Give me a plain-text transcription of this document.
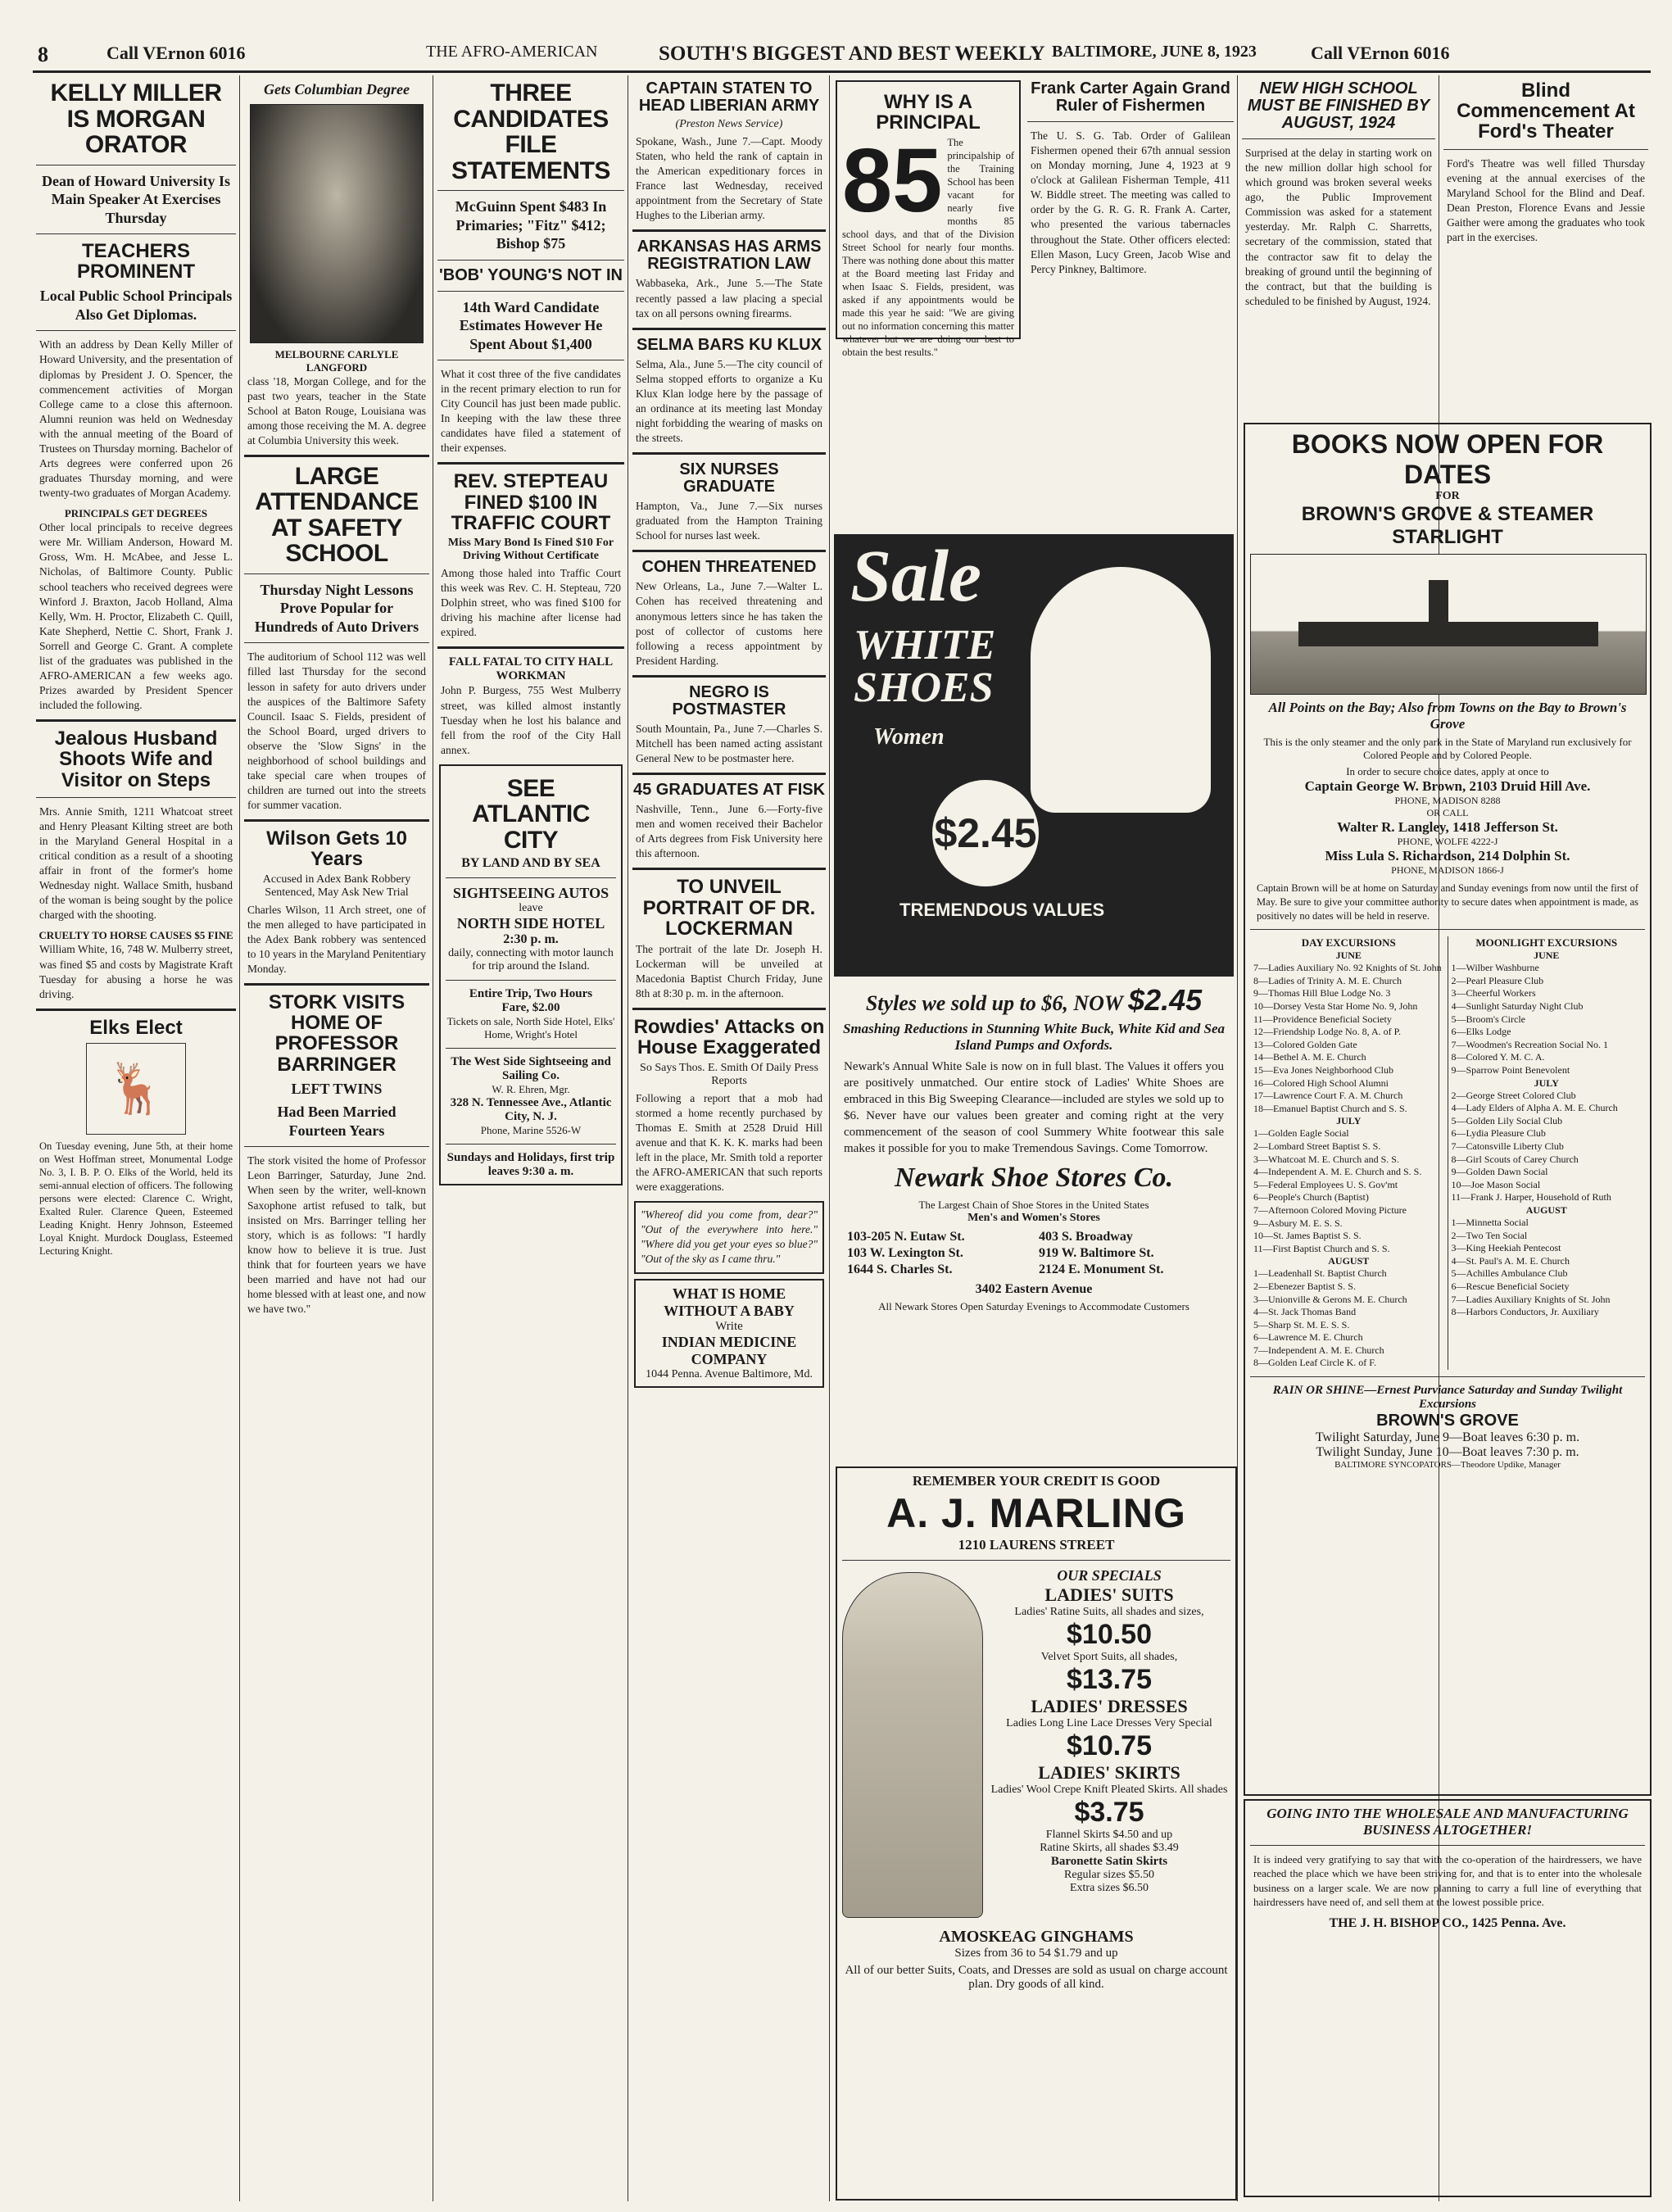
8	Call VErnon 6016	THE AFRO-AMERICAN	SOUTH'S BIGGEST AND BEST WEEKLY BALTIMORE, JUNE 8, 1923	Call VErnon 6016
KELLY MILLER IS MORGAN ORATOR
Dean of Howard University Is Main Speaker At Exercises Thursday
TEACHERS PROMINENT
Local Public School Principals Also Get Diplomas.

With an address by Dean Kelly Miller of Howard University, and the presentation of diplomas by President J. O. Spencer, the commencement activities of Morgan College came to a close this afternoon. Alumni reunion was held on Wednesday with the annual meeting of the Board of Trustees on Thursday morning. Bachelor of Arts degrees were conferred upon 26 graduates Thursday morning, and were twenty-two graduates of Morgan Academy.

PRINCIPALS GET DEGREES

Other local principals to receive degrees were Mr. William Anderson, Howard M. Gross, Wm. H. McAbee, and Jesse L. Nicholas, of Baltimore County. Public school teachers who received degrees were Winford J. Braxton, Jacob Holland, Alma Kelly, Wm. H. Proctor, Elizabeth C. Quill, Kate Shepherd, Nettie C. Short, Frank J. Sorrell and George C. Grant. A complete list of the graduates was published in the AFRO-AMERICAN a few weeks ago. Prizes awarded by President Spencer included the following.

Jealous Husband Shoots Wife and Visitor on Steps

Mrs. Annie Smith, 1211 Whatcoat street and Henry Pleasant Kilting street are both in the Maryland General Hospital in a critical condition as a result of a shooting affair in front of the former's home Wednesday night. Wallace Smith, husband of the woman is being sought by the police charged with the shooting.

CRUELTY TO HORSE CAUSES $5 FINE

William White, 16, 748 W. Mulberry street, was fined $5 and costs by Magistrate Kraft Tuesday for abusing a horse he was driving.

Elks Elect
🦌

On Tuesday evening, June 5th, at their home on West Hoffman street, Monumental Lodge No. 3, I. B. P. O. Elks of the World, held its semi-annual election of officers. The following persons were elected: Clarence C. Wright, Exalted Ruler. Clarence Queen, Esteemed Leading Knight. Henry Johnson, Esteemed Loyal Knight. Murdock Douglass, Esteemed Lecturing Knight.

Gets Columbian Degree
MELBOURNE CARLYLE LANGFORD

class '18, Morgan College, and for the past two years, teacher in the State School at Baton Rouge, Louisiana was among those receiving the M. A. degree at Columbia University this week.

LARGE ATTENDANCE AT SAFETY SCHOOL
Thursday Night Lessons Prove Popular for Hundreds of Auto Drivers

The auditorium of School 112 was well filled last Thursday for the second lesson in safety for auto drivers under the auspices of the Baltimore Safety Council. Isaac S. Fields, president of the School Board, urged drivers to observe the 'Slow Signs' in the neighborhood of school buildings and take special care when troupes of children are turned out into the streets for summer vacation.

Wilson Gets 10 Years
Accused in Adex Bank Robbery Sentenced, May Ask New Trial

Charles Wilson, 11 Arch street, one of the men alleged to have participated in the Adex Bank robbery was sentenced to 10 years in the Maryland Penitentiary Monday.

STORK VISITS HOME OF PROFESSOR BARRINGER
LEFT TWINS
Had Been Married Fourteen Years

The stork visited the home of Professor Leon Barringer, Saturday, June 2nd. When seen by the writer, well-known Saxophone artist refused to talk, but insisted on Mrs. Barringer telling her story, which is as follows: "I hardly know how to believe it is true. Just think that for fourteen years we have been married and have not had our home blessed with at least one, and now we have two."

THREE CANDIDATES FILE STATEMENTS
McGuinn Spent $483 In Primaries; "Fitz" $412; Bishop $75
'BOB' YOUNG'S NOT IN
14th Ward Candidate Estimates However He Spent About $1,400

What it cost three of the five candidates in the recent primary election to run for City Council has just been made public. In keeping with the law these three candidates have filed a statement of their expenses.

REV. STEPTEAU FINED $100 IN TRAFFIC COURT
Miss Mary Bond Is Fined $10 For Driving Without Certificate

Among those haled into Traffic Court this week was Rev. C. H. Stepteau, 720 Dolphin street, who was fined $100 for driving his machine after license had expired.

FALL FATAL TO CITY HALL WORKMAN

John P. Burgess, 755 West Mulberry street, was killed almost instantly Tuesday when he lost his balance and fell from the roof of the City Hall annex.

SEE ATLANTIC CITY
BY LAND AND BY SEA
SIGHTSEEING AUTOS
leave
NORTH SIDE HOTEL
2:30 p. m.
daily, connecting with motor launch for trip around the Island.
Entire Trip, Two Hours
Fare, $2.00
Tickets on sale, North Side Hotel, Elks' Home, Wright's Hotel
The West Side Sightseeing and Sailing Co.
W. R. Ehren, Mgr.
328 N. Tennessee Ave., Atlantic City, N. J.
Phone, Marine 5526-W
Sundays and Holidays, first trip leaves 9:30 a. m.
CAPTAIN STATEN TO HEAD LIBERIAN ARMY
(Preston News Service)

Spokane, Wash., June 7.—Capt. Moody Staten, who held the rank of captain in the American expeditionary forces in France last Wednesday, received appointment from the Secretary of State Hughes to the Liberian army.

ARKANSAS HAS ARMS REGISTRATION LAW

Wabbaseka, Ark., June 5.—The State recently passed a law placing a special tax on all persons owning firearms.

SELMA BARS KU KLUX

Selma, Ala., June 5.—The city council of Selma stopped efforts to organize a Ku Klux Klan lodge here by the passage of an ordinance at its meeting last Monday night forbidding the wearing of masks on the streets.

SIX NURSES GRADUATE

Hampton, Va., June 7.—Six nurses graduated from the Hampton Training School for nurses last week.

COHEN THREATENED

New Orleans, La., June 7.—Walter L. Cohen has received threatening and anonymous letters since he has taken the post of collector of customs here following a recess appointment by President Harding.

NEGRO IS POSTMASTER

South Mountain, Pa., June 7.—Charles S. Mitchell has been named acting assistant General New to be postmaster here.

45 GRADUATES AT FISK

Nashville, Tenn., June 6.—Forty-five men and women received their Bachelor of Arts degrees from Fisk University here this afternoon.

TO UNVEIL PORTRAIT OF DR. LOCKERMAN

The portrait of the late Dr. Joseph H. Lockerman will be unveiled at Macedonia Baptist Church Friday, June 8th at 8:30 p. m. in the afternoon.

Rowdies' Attacks on House Exaggerated
So Says Thos. E. Smith Of Daily Press Reports

Following a report that a mob had stormed a home recently purchased by Thomas E. Smith at 2528 Druid Hill avenue and that K. K. K. marks had been left in the place, Mr. Smith told a reporter the AFRO-AMERICAN that such reports were exaggerations.

"Whereof did you come from, dear?" "Out of the everywhere into here." "Where did you get your eyes so blue?" "Out of the sky as I came thru."

WHAT IS HOME WITHOUT A BABY
Write
INDIAN MEDICINE COMPANY
1044 Penna. Avenue Baltimore, Md.
WHY IS A PRINCIPAL
85 The principalship of the Training School has been vacant for nearly five months 85 school days, and that of the Division Street School for nearly four months. There was nothing done about this matter at the Board meeting last Friday and when Isaac S. Fields, president, was asked if any appointments would be made this year he said: "We are giving out no information concerning this matter whatever but we are doing our best to obtain the best results."

Frank Carter Again Grand Ruler of Fishermen

The U. S. G. Tab. Order of Galilean Fishermen opened their 67th annual session on Monday morning, June 4, 1923 at 9 o'clock at Galilean Fisherman Temple, 411 W. Biddle street. The meeting was called to order by the G. R. G. R. Frank A. Carter, who presented the various tabernacles throughout the State. Other officers elected: Ellen Mason, Lucy Green, Jacob Wise and Percy Pinkney, Baltimore.

Sale
WHITE SHOES
Women
$2.45
TREMENDOUS VALUES
Styles we sold up to $6, NOW $2.45
Smashing Reductions in Stunning White Buck, White Kid and Sea Island Pumps and Oxfords.

Newark's Annual White Sale is now on in full blast. The Values it offers you are positively unmatched. Our entire stock of Ladies' White Shoes are embraced in this Big Sweeping Clearance—included are styles we sold up to $6. Never have our values been greater and coming right at the very commencement of the season of cool Summery White footwear this sale makes it possible for you to make Tremendous Savings. Come Tomorrow.

Newark Shoe Stores Co.
The Largest Chain of Shoe Stores in the United States
Men's and Women's Stores
103-205 N. Eutaw St.	403 S. Broadway
103 W. Lexington St.	919 W. Baltimore St.
1644 S. Charles St.	2124 E. Monument St.
3402 Eastern Avenue
All Newark Stores Open Saturday Evenings to Accommodate Customers
REMEMBER YOUR CREDIT IS GOOD
A. J. MARLING
1210 LAURENS STREET
OUR SPECIALS
LADIES' SUITS
Ladies' Ratine Suits, all shades and sizes,
$10.50
Velvet Sport Suits, all shades,
$13.75
LADIES' DRESSES
Ladies Long Line Lace Dresses Very Special
$10.75
LADIES' SKIRTS
Ladies' Wool Crepe Knift Pleated Skirts. All shades
$3.75
Flannel Skirts $4.50 and up
Ratine Skirts, all shades $3.49
Baronette Satin Skirts
Regular sizes $5.50
Extra sizes $6.50
AMOSKEAG GINGHAMS
Sizes from 36 to 54 $1.79 and up
All of our better Suits, Coats, and Dresses are sold as usual on charge account plan. Dry goods of all kind.
NEW HIGH SCHOOL MUST BE FINISHED BY AUGUST, 1924

Surprised at the delay in starting work on the new million dollar high school for which ground was broken several weeks ago, the Public Improvement Commission was asked for a statement yesterday. Mr. Ralph C. Sharretts, secretary of the commission, stated that the contractor saw fit to delay the breaking of ground until the beginning of the contract, but that the building is scheduled to be finished by August, 1924.

Blind Commencement At Ford's Theater

Ford's Theatre was well filled Thursday evening at the annual exercises of the Maryland School for the Blind and Deaf. Dean Preston, Florence Evans and Jessie Gaither were among the graduates who took part in the exercises.

BOOKS NOW OPEN FOR DATES
FOR
BROWN'S GROVE & STEAMER STARLIGHT
All Points on the Bay; Also from Towns on the Bay to Brown's Grove
This is the only steamer and the only park in the State of Maryland run exclusively for Colored People and by Colored People.
In order to secure choice dates, apply at once to
Captain George W. Brown, 2103 Druid Hill Ave.
PHONE, MADISON 8288
OR CALL
Walter R. Langley, 1418 Jefferson St.
PHONE, WOLFE 4222-J
Miss Lula S. Richardson, 214 Dolphin St.
PHONE, MADISON 1866-J

Captain Brown will be at home on Saturday and Sunday evenings from now until the first of May. Be sure to give your committee authority to secure dates when appointment is made, as positively no dates will be held in reserve.

DAY EXCURSIONS
JUNE
7—Ladies Auxiliary No. 92 Knights of St. John
8—Ladies of Trinity A. M. E. Church
9—Thomas Hill Blue Lodge No. 3
10—Dorsey Vesta Star Home No. 9, John
11—Providence Beneficial Society
12—Friendship Lodge No. 8, A. of P.
13—Colored Golden Gate
14—Bethel A. M. E. Church
15—Eva Jones Neighborhood Club
16—Colored High School Alumni
17—Lawrence Court F. A. M. Church
18—Emanuel Baptist Church and S. S.
JULY
1—Golden Eagle Social
2—Lombard Street Baptist S. S.
3—Whatcoat M. E. Church and S. S.
4—Independent A. M. E. Church and S. S.
5—Federal Employees U. S. Gov'mt
6—People's Church (Baptist)
7—Afternoon Colored Moving Picture
9—Asbury M. E. S. S.
10—St. James Baptist S. S.
11—First Baptist Church and S. S.
AUGUST
1—Leadenhall St. Baptist Church
2—Ebenezer Baptist S. S.
3—Unionville & Gerons M. E. Church
4—St. Jack Thomas Band
5—Sharp St. M. E. S. S.
6—Lawrence M. E. Church
7—Independent A. M. E. Church
8—Golden Leaf Circle K. of F.
MOONLIGHT EXCURSIONS
JUNE
1—Wilber Washburne
2—Pearl Pleasure Club
3—Cheerful Workers
4—Sunlight Saturday Night Club
5—Broom's Circle
6—Elks Lodge
7—Woodmen's Recreation Social No. 1
8—Colored Y. M. C. A.
9—Sparrow Point Benevolent
JULY
2—George Street Colored Club
4—Lady Elders of Alpha A. M. E. Church
5—Golden Lily Social Club
6—Lydia Pleasure Club
7—Catonsville Liberty Club
8—Girl Scouts of Carey Church
9—Golden Dawn Social
10—Joe Mason Social
11—Frank J. Harper, Household of Ruth
AUGUST
1—Minnetta Social
2—Two Ten Social
3—King Heekiah Pentecost
4—St. Paul's A. M. E. Church
5—Achilles Ambulance Club
6—Rescue Beneficial Society
7—Ladies Auxiliary Knights of St. John
8—Harbors Conductors, Jr. Auxiliary
RAIN OR SHINE—Ernest Purviance Saturday and Sunday Twilight Excursions
BROWN'S GROVE
Twilight Saturday, June 9—Boat leaves 6:30 p. m.
Twilight Sunday, June 10—Boat leaves 7:30 p. m.
BALTIMORE SYNCOPATORS—Theodore Updike, Manager
GOING INTO THE WHOLESALE AND MANUFACTURING BUSINESS ALTOGETHER!

It is indeed very gratifying to say that with the co-operation of the hairdressers, we have reached the place which we have been striving for, and that is to enter into the wholesale business on a larger scale. We are now planning to carry a full line of everything that hairdressers have need of, and sell them at the lowest possible price.

THE J. H. BISHOP CO., 1425 Penna. Ave.
